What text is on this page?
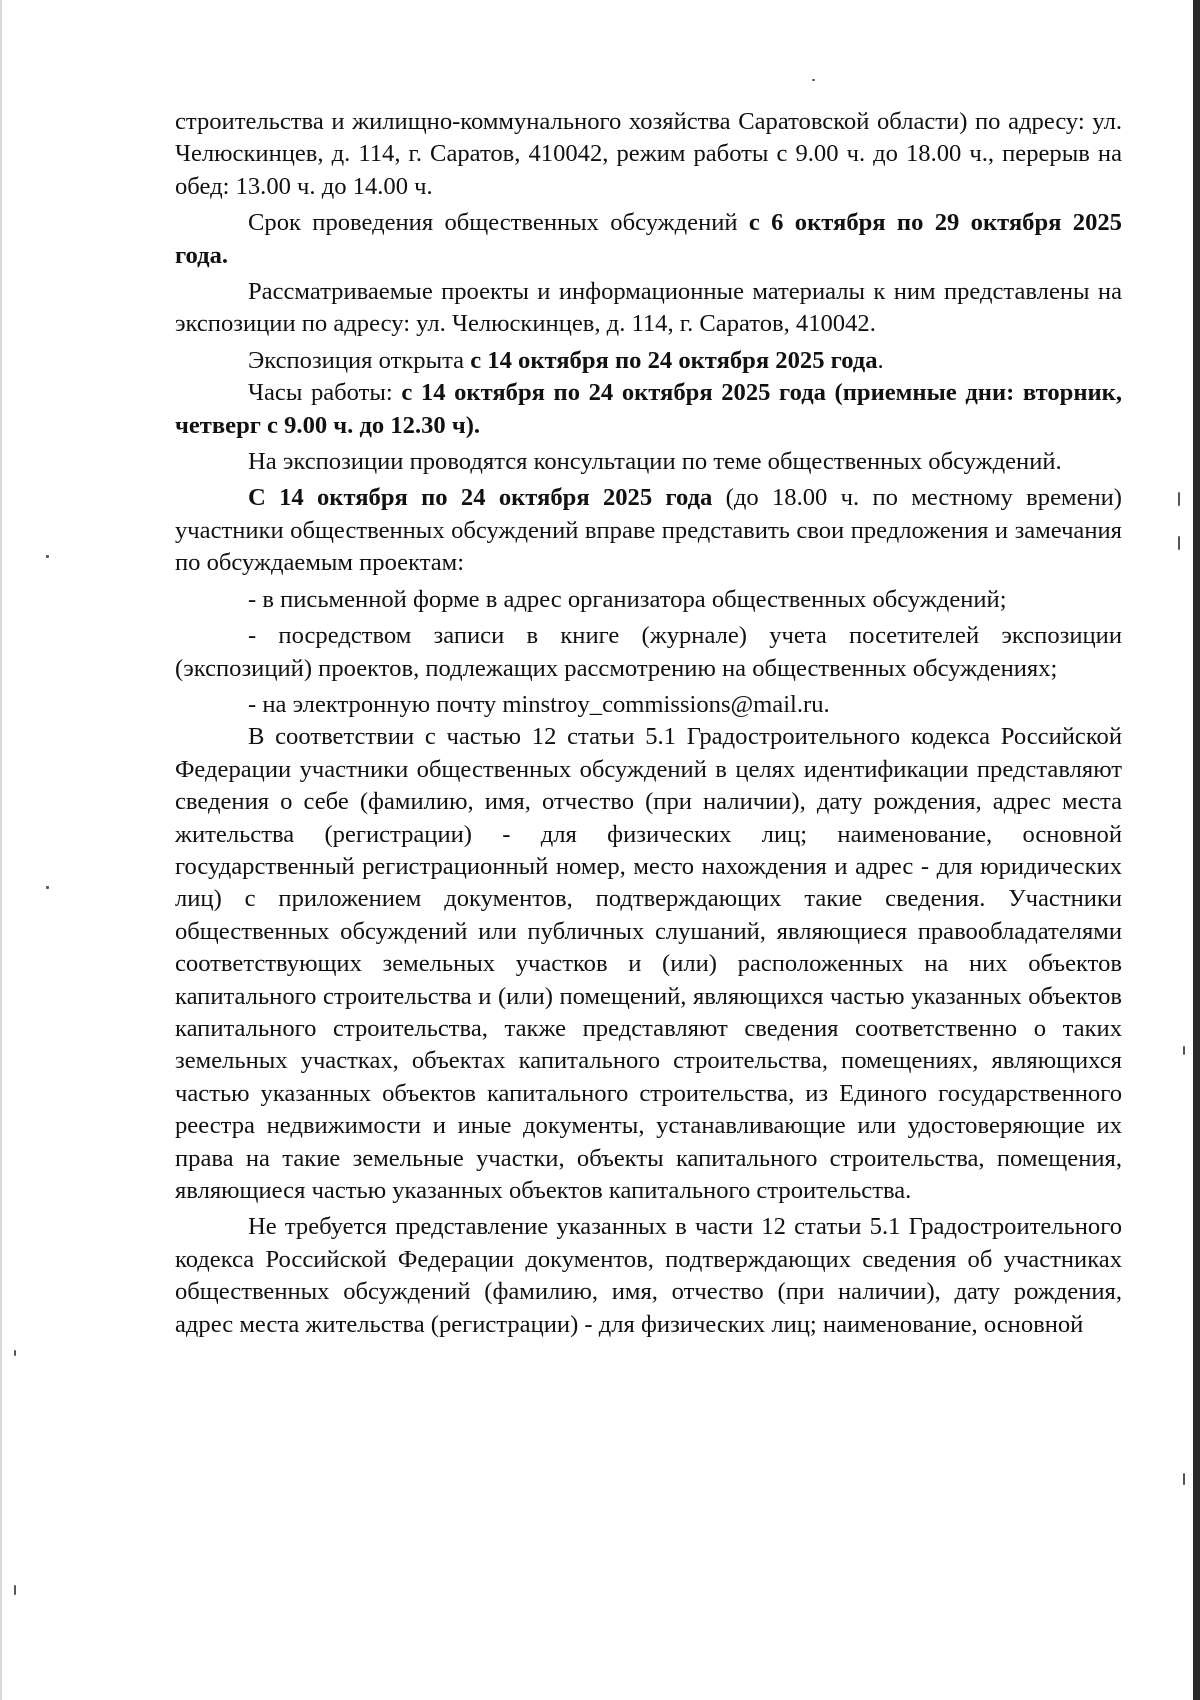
строительства и жилищно-коммунального хозяйства Саратовской области) по адресу: ул. Челюскинцев, д. 114, г. Саратов, 410042, режим работы с 9.00 ч. до 18.00 ч., перерыв на обед: 13.00 ч. до 14.00 ч.

Срок проведения общественных обсуждений с 6 октября по 29 октября 2025 года.

Рассматриваемые проекты и информационные материалы к ним представлены на экспозиции по адресу: ул. Челюскинцев, д. 114, г. Саратов, 410042.

Экспозиция открыта с 14 октября по 24 октября 2025 года.

Часы работы: с 14 октября по 24 октября 2025 года (приемные дни: вторник, четверг с 9.00 ч. до 12.30 ч).

На экспозиции проводятся консультации по теме общественных обсуждений.

С 14 октября по 24 октября 2025 года (до 18.00 ч. по местному времени) участники общественных обсуждений вправе представить свои предложения и замечания по обсуждаемым проектам:

- в письменной форме в адрес организатора общественных обсуждений;

- посредством записи в книге (журнале) учета посетителей экспозиции (экспозиций) проектов, подлежащих рассмотрению на общественных обсуждениях;

- на электронную почту minstroy_commissions@mail.ru.

В соответствии с частью 12 статьи 5.1 Градостроительного кодекса Российской Федерации участники общественных обсуждений в целях идентификации представляют сведения о себе (фамилию, имя, отчество (при наличии), дату рождения, адрес места жительства (регистрации) - для физических лиц; наименование, основной государственный регистрационный номер, место нахождения и адрес - для юридических лиц) с приложением документов, подтверждающих такие сведения. Участники общественных обсуждений или публичных слушаний, являющиеся правообладателями соответствующих земельных участков и (или) расположенных на них объектов капитального строительства и (или) помещений, являющихся частью указанных объектов капитального строительства, также представляют сведения соответственно о таких земельных участках, объектах капитального строительства, помещениях, являющихся частью указанных объектов капитального строительства, из Единого государственного реестра недвижимости и иные документы, устанавливающие или удостоверяющие их права на такие земельные участки, объекты капитального строительства, помещения, являющиеся частью указанных объектов капитального строительства.

Не требуется представление указанных в части 12 статьи 5.1 Градостроительного кодекса Российской Федерации документов, подтверждающих сведения об участниках общественных обсуждений (фамилию, имя, отчество (при наличии), дату рождения, адрес места жительства (регистрации) - для физических лиц; наименование, основной
